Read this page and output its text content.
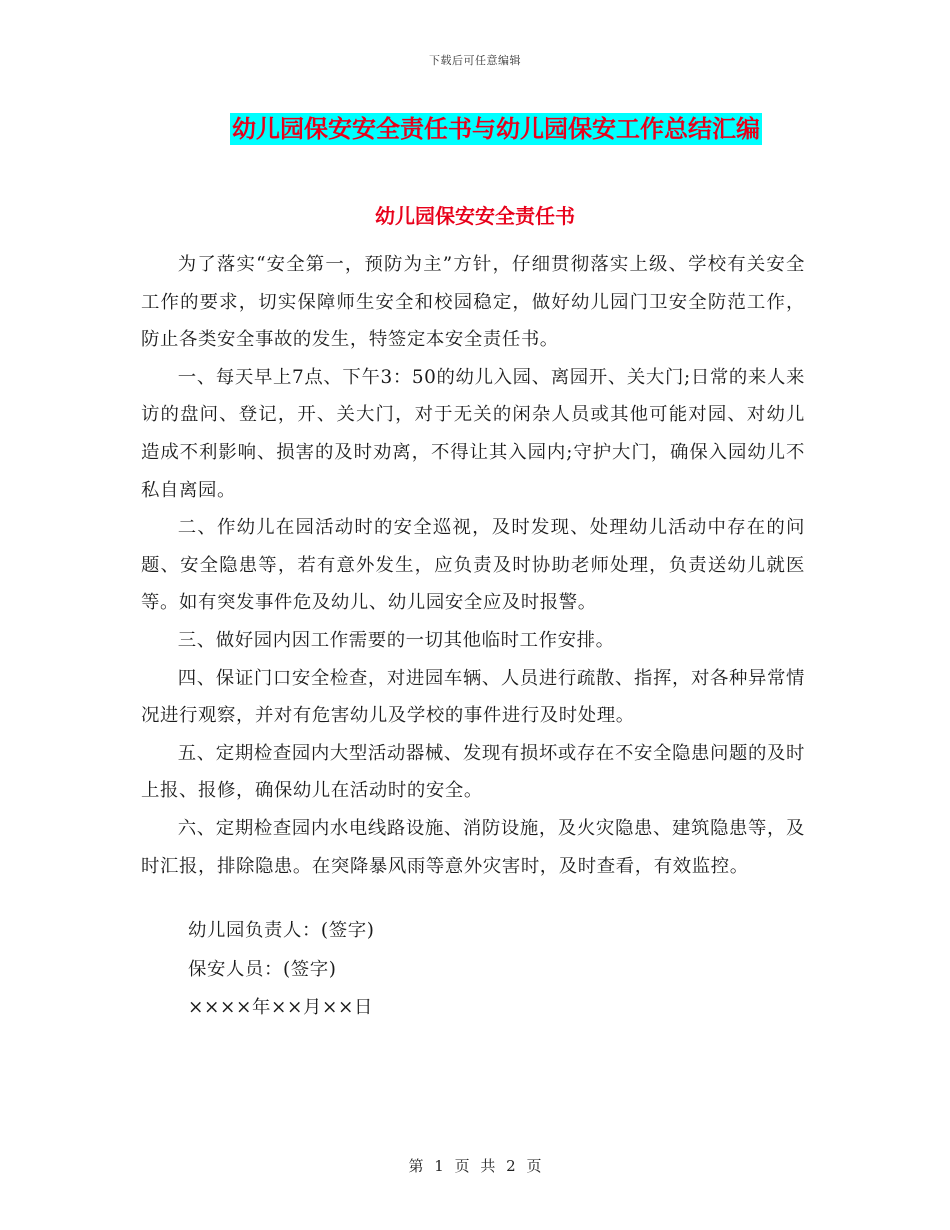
下载后可任意编辑
幼儿园保安安全责任书与幼儿园保安工作总结汇编
幼儿园保安安全责任书

为了落实“安全第一，预防为主”方针，仔细贯彻落实上级、学校有关安全工作的要求，切实保障师生安全和校园稳定，做好幼儿园门卫安全防范工作，防止各类安全事故的发生，特签定本安全责任书。

一、每天早上7点、下午3：50的幼儿入园、离园开、关大门;日常的来人来访的盘问、登记，开、关大门，对于无关的闲杂人员或其他可能对园、对幼儿造成不利影响、损害的及时劝离，不得让其入园内;守护大门，确保入园幼儿不私自离园。

二、作幼儿在园活动时的安全巡视，及时发现、处理幼儿活动中存在的问题、安全隐患等，若有意外发生，应负责及时协助老师处理，负责送幼儿就医等。如有突发事件危及幼儿、幼儿园安全应及时报警。

三、做好园内因工作需要的一切其他临时工作安排。

四、保证门口安全检查，对进园车辆、人员进行疏散、指挥，对各种异常情况进行观察，并对有危害幼儿及学校的事件进行及时处理。

五、定期检查园内大型活动器械、发现有损坏或存在不安全隐患问题的及时上报、报修，确保幼儿在活动时的安全。

六、定期检查园内水电线路设施、消防设施，及火灾隐患、建筑隐患等，及时汇报，排除隐患。在突降暴风雨等意外灾害时，及时查看，有效监控。

幼儿园负责人：(签字)
保安人员：(签字)
××××年××月××日
第 1 页 共 2 页
